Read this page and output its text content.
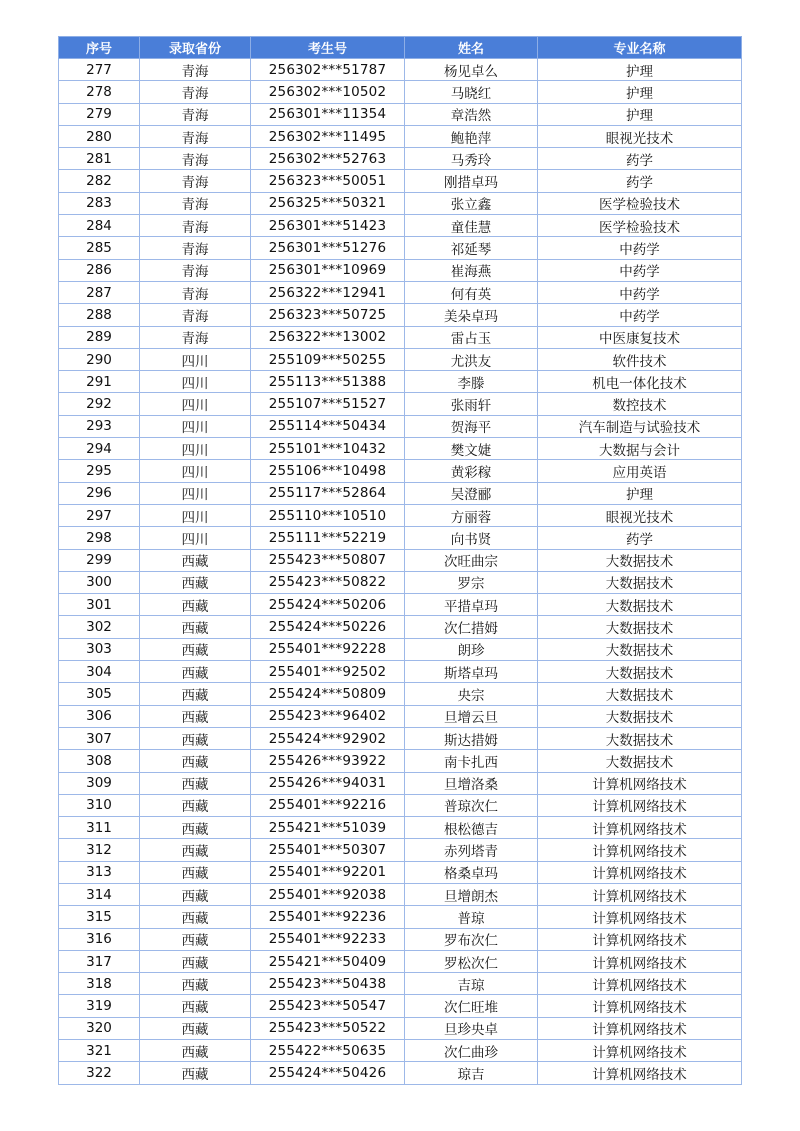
序号	录取省份	考生号	姓名	专业名称
277	青海	256302***51787	杨见卓么	护理
278	青海	256302***10502	马晓红	护理
279	青海	256301***11354	章浩然	护理
280	青海	256302***11495	鲍艳萍	眼视光技术
281	青海	256302***52763	马秀玲	药学
282	青海	256323***50051	刚措卓玛	药学
283	青海	256325***50321	张立鑫	医学检验技术
284	青海	256301***51423	童佳慧	医学检验技术
285	青海	256301***51276	祁延琴	中药学
286	青海	256301***10969	崔海燕	中药学
287	青海	256322***12941	何有英	中药学
288	青海	256323***50725	美朵卓玛	中药学
289	青海	256322***13002	雷占玉	中医康复技术
290	四川	255109***50255	尤洪友	软件技术
291	四川	255113***51388	李滕	机电一体化技术
292	四川	255107***51527	张雨轩	数控技术
293	四川	255114***50434	贺海平	汽车制造与试验技术
294	四川	255101***10432	樊文婕	大数据与会计
295	四川	255106***10498	黄彩稼	应用英语
296	四川	255117***52864	吴澄郦	护理
297	四川	255110***10510	方丽蓉	眼视光技术
298	四川	255111***52219	向书贤	药学
299	西藏	255423***50807	次旺曲宗	大数据技术
300	西藏	255423***50822	罗宗	大数据技术
301	西藏	255424***50206	平措卓玛	大数据技术
302	西藏	255424***50226	次仁措姆	大数据技术
303	西藏	255401***92228	朗珍	大数据技术
304	西藏	255401***92502	斯塔卓玛	大数据技术
305	西藏	255424***50809	央宗	大数据技术
306	西藏	255423***96402	旦增云旦	大数据技术
307	西藏	255424***92902	斯达措姆	大数据技术
308	西藏	255426***93922	南卡扎西	大数据技术
309	西藏	255426***94031	旦增洛桑	计算机网络技术
310	西藏	255401***92216	普琼次仁	计算机网络技术
311	西藏	255421***51039	根松德吉	计算机网络技术
312	西藏	255401***50307	赤列塔青	计算机网络技术
313	西藏	255401***92201	格桑卓玛	计算机网络技术
314	西藏	255401***92038	旦增朗杰	计算机网络技术
315	西藏	255401***92236	普琼	计算机网络技术
316	西藏	255401***92233	罗布次仁	计算机网络技术
317	西藏	255421***50409	罗松次仁	计算机网络技术
318	西藏	255423***50438	吉琼	计算机网络技术
319	西藏	255423***50547	次仁旺堆	计算机网络技术
320	西藏	255423***50522	旦珍央卓	计算机网络技术
321	西藏	255422***50635	次仁曲珍	计算机网络技术
322	西藏	255424***50426	琼吉	计算机网络技术
